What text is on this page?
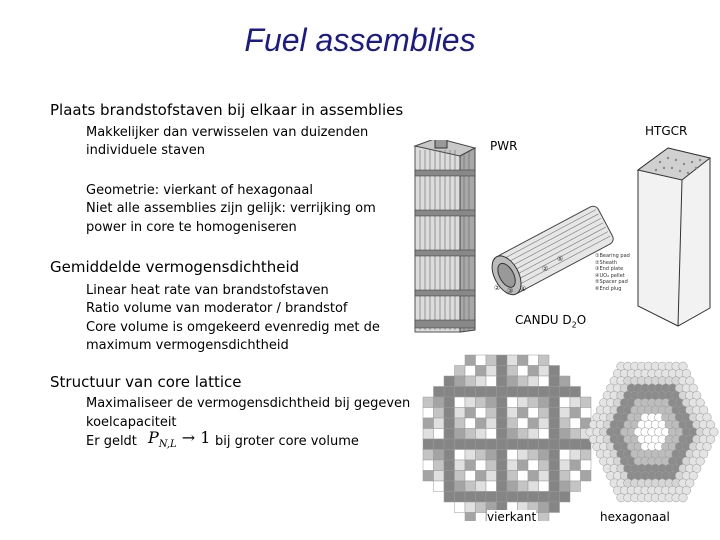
Fuel assemblies
Plaats brandstofstaven bij elkaar in assemblies
Makkelijker dan verwisselen van duizenden
individuele staven
Geometrie: vierkant of hexagonaal
Niet alle assemblies zijn gelijk: verrijking om
power in core te homogeniseren
Gemiddelde vermogensdichtheid
Linear heat rate van brandstofstaven
Ratio volume van moderator / brandstof
Core volume is omgekeerd evenredig met de
maximum vermogensdichtheid
Structuur van core lattice
Maximaliseer de vermogensdichtheid bij gegeven
koelcapaciteit
Er geldt $P_{N,L} \to 1$ bij groter core volume
PWR
HTGCR
② ③ ④
②
⑤	①Bearing pad
②Sheath
③End plate
④UO₂ pellet
⑤Spacer pad
⑥End plug
CANDU $D_2O$
vierkant	hexagonaal
